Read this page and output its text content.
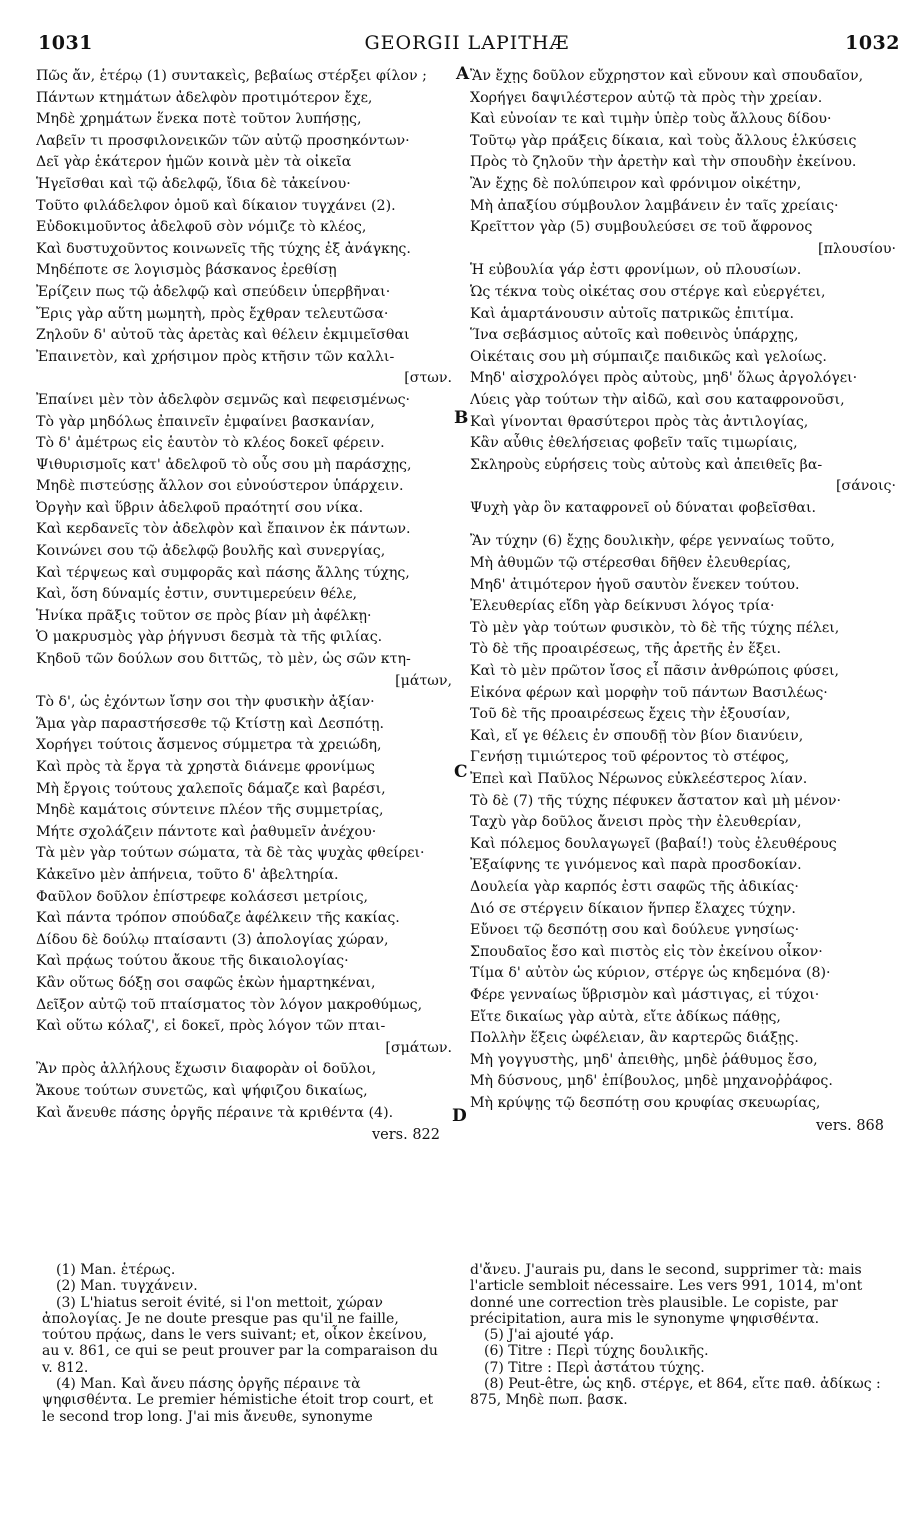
1031	GEORGII LAPITHÆ	1032
Πῶς ἄν, ἑτέρῳ (1) συντακεὶς, βεβαίως στέρξει φίλον ;
Πάντων κτημάτων ἀδελφὸν προτιμότερον ἔχε,
Μηδὲ χρημάτων ἕνεκα ποτὲ τοῦτον λυπήσῃς,
Λαβεῖν τι προσφιλονεικῶν τῶν αὐτῷ προσηκόντων·
Δεῖ γὰρ ἑκάτερον ἡμῶν κοινὰ μὲν τὰ οἰκεῖα
Ἡγεῖσθαι καὶ τῷ ἀδελφῷ, ἴδια δὲ τἀκείνου·
Τοῦτο φιλάδελφον ὁμοῦ καὶ δίκαιον τυγχάνει (2).
Εὐδοκιμοῦντος ἀδελφοῦ σὸν νόμιζε τὸ κλέος,
Καὶ δυστυχοῦντος κοινωνεῖς τῆς τύχης ἐξ ἀνάγκης.
Μηδέποτε σε λογισμὸς βάσκανος ἐρεθίσῃ
Ἐρίζειν πως τῷ ἀδελφῷ καὶ σπεύδειν ὑπερβῆναι·
Ἔρις γὰρ αὕτη μωμητὴ, πρὸς ἔχθραν τελευτῶσα·
Ζηλοῦν δ' αὐτοῦ τὰς ἀρετὰς καὶ θέλειν ἐκμιμεῖσθαι
Ἐπαινετὸν, καὶ χρήσιμον πρὸς κτῆσιν τῶν καλλι-
[στων.
Ἐπαίνει μὲν τὸν ἀδελφὸν σεμνῶς καὶ πεφεισμένως·
Τὸ γὰρ μηδόλως ἐπαινεῖν ἐμφαίνει βασκανίαν,
Τὸ δ' ἀμέτρως εἰς ἑαυτὸν τὸ κλέος δοκεῖ φέρειν.
Ψιθυρισμοῖς κατ' ἀδελφοῦ τὸ οὖς σου μὴ παράσχῃς,
Μηδὲ πιστεύσῃς ἄλλον σοι εὐνούστερον ὑπάρχειν.
Ὀργὴν καὶ ὕβριν ἀδελφοῦ πραότητί σου νίκα.
Καὶ κερδανεῖς τὸν ἀδελφὸν καὶ ἔπαινον ἐκ πάντων.
Κοινώνει σου τῷ ἀδελφῷ βουλῆς καὶ συνεργίας,
Καὶ τέρψεως καὶ συμφορᾶς καὶ πάσης ἄλλης τύχης,
Καὶ, ὅση δύναμίς ἐστιν, συντιμερεύειν θέλε,
Ἡνίκα πρᾶξις τοῦτον σε πρὸς βίαν μὴ ἀφέλκῃ·
Ὁ μακρυσμὸς γὰρ ῥήγνυσι δεσμὰ τὰ τῆς φιλίας.
Κηδοῦ τῶν δούλων σου διττῶς, τὸ μὲν, ὡς σῶν κτη-
[μάτων,
Τὸ δ', ὡς ἐχόντων ἴσην σοι τὴν φυσικὴν ἀξίαν·
Ἅμα γὰρ παραστήσεσθε τῷ Κτίστῃ καὶ Δεσπότῃ.
Χορήγει τούτοις ἄσμενος σύμμετρα τὰ χρειώδη,
Καὶ πρὸς τὰ ἔργα τὰ χρηστὰ διάνεμε φρονίμως
Μὴ ἔργοις τούτους χαλεποῖς δάμαζε καὶ βαρέσι,
Μηδὲ καμάτοις σύντεινε πλέον τῆς συμμετρίας,
Μήτε σχολάζειν πάντοτε καὶ ῥαθυμεῖν ἀνέχου·
Τὰ μὲν γὰρ τούτων σώματα, τὰ δὲ τὰς ψυχὰς φθείρει·
Κἀκεῖνο μὲν ἀπήνεια, τοῦτο δ' ἀβελτηρία.
Φαῦλον δοῦλον ἐπίστρεφε κολάσεσι μετρίοις,
Καὶ πάντα τρόπον σπούδαζε ἀφέλκειν τῆς κακίας.
Δίδου δὲ δούλῳ πταίσαντι (3) ἀπολογίας χώραν,
Καὶ πρᾴως τούτου ἄκουε τῆς δικαιολογίας·
Κἂν οὕτως δόξῃ σοι σαφῶς ἑκὼν ἡμαρτηκέναι,
Δεῖξον αὐτῷ τοῦ πταίσματος τὸν λόγον μακροθύμως,
Καὶ οὕτω κόλαζ', εἰ δοκεῖ, πρὸς λόγον τῶν πται-
[σμάτων.
Ἂν πρὸς ἀλλήλους ἔχωσιν διαφορὰν οἱ δοῦλοι,
Ἄκουε τούτων συνετῶς, καὶ ψήφιζου δικαίως,
Καὶ ἄνευθε πάσης ὀργῆς πέραινε τὰ κριθέντα (4).
vers. 822
Ἂν ἔχῃς δοῦλον εὔχρηστον καὶ εὔνουν καὶ σπουδαῖον,
Χορήγει δαψιλέστερον αὐτῷ τὰ πρὸς τὴν χρείαν.
Καὶ εὐνοίαν τε καὶ τιμὴν ὑπὲρ τοὺς ἄλλους δίδου·
Τοῦτῳ γὰρ πράξεις δίκαια, καὶ τοὺς ἄλλους ἑλκύσεις
Πρὸς τὸ ζηλοῦν τὴν ἀρετὴν καὶ τὴν σπουδὴν ἐκείνου.
Ἂν ἔχῃς δὲ πολύπειρον καὶ φρόνιμον οἰκέτην,
Μὴ ἀπαξίου σύμβουλον λαμβάνειν ἐν ταῖς χρείαις·
Κρεῖττον γὰρ (5) συμβουλεύσει σε τοῦ ἄφρονος
[πλουσίου·
Ἡ εὐβουλία γάρ ἐστι φρονίμων, οὐ πλουσίων.
Ὡς τέκνα τοὺς οἰκέτας σου στέργε καὶ εὐεργέτει,
Καὶ ἁμαρτάνουσιν αὐτοῖς πατρικῶς ἐπιτίμα.
Ἵνα σεβάσμιος αὐτοῖς καὶ ποθεινὸς ὑπάρχῃς,
Οἰκέταις σου μὴ σύμπαιζε παιδικῶς καὶ γελοίως.
Μηδ' αἰσχρολόγει πρὸς αὐτοὺς, μηδ' ὅλως ἀργολόγει·
Λύεις γὰρ τούτων τὴν αἰδῶ, καὶ σου καταφρονοῦσι,
Καὶ γίνονται θρασύτεροι πρὸς τὰς ἀντιλογίας,
Κἂν αὖθις ἐθελήσειας φοβεῖν ταῖς τιμωρίαις,
Σκληροὺς εὑρήσεις τοὺς αὐτοὺς καὶ ἀπειθεῖς βα-
[σάνοις·
Ψυχὴ γὰρ ὃν καταφρονεῖ οὐ δύναται φοβεῖσθαι.
Ἂν τύχην (6) ἔχῃς δουλικὴν, φέρε γενναίως τοῦτο,
Μὴ ἀθυμῶν τῷ στέρεσθαι δῆθεν ἐλευθερίας,
Μηδ' ἀτιμότερον ἡγοῦ σαυτὸν ἕνεκεν τούτου.
Ἐλευθερίας εἴδη γὰρ δείκνυσι λόγος τρία·
Τὸ μὲν γὰρ τούτων φυσικὸν, τὸ δὲ τῆς τύχης πέλει,
Τὸ δὲ τῆς προαιρέσεως, τῆς ἀρετῆς ἐν ἕξει.
Καὶ τὸ μὲν πρῶτον ἴσος εἶ πᾶσιν ἀνθρώποις φύσει,
Εἰκόνα φέρων καὶ μορφὴν τοῦ πάντων Βασιλέως·
Τοῦ δὲ τῆς προαιρέσεως ἔχεις τὴν ἐξουσίαν,
Καὶ, εἴ γε θέλεις ἐν σπουδῇ τὸν βίον διανύειν,
Γενήσῃ τιμιώτερος τοῦ φέροντος τὸ στέφος,
Ἐπεὶ καὶ Παῦλος Νέρωνος εὐκλεέστερος λίαν.
Τὸ δὲ (7) τῆς τύχης πέφυκεν ἄστατον καὶ μὴ μένον·
Ταχὺ γὰρ δοῦλος ἄνεισι πρὸς τὴν ἐλευθερίαν,
Καὶ πόλεμος δουλαγωγεῖ (βαβαί!) τοὺς ἐλευθέρους
Ἐξαίφνης τε γινόμενος καὶ παρὰ προσδοκίαν.
Δουλεία γὰρ καρπός ἐστι σαφῶς τῆς ἀδικίας·
Διό σε στέργειν δίκαιον ἥνπερ ἔλαχες τύχην.
Εὔνοει τῷ δεσπότῃ σου καὶ δούλευε γνησίως·
Σπουδαῖος ἔσο καὶ πιστὸς εἰς τὸν ἐκείνου οἶκον·
Τίμα δ' αὐτὸν ὡς κύριον, στέργε ὡς κηδεμόνα (8)·
Φέρε γενναίως ὕβρισμὸν καὶ μάστιγας, εἰ τύχοι·
Εἴτε δικαίως γὰρ αὐτὰ, εἴτε ἀδίκως πάθῃς,
Πολλὴν ἕξεις ὠφέλειαν, ἂν καρτερῶς διάξῃς.
Μὴ γογγυστὴς, μηδ' ἀπειθὴς, μηδὲ ῥάθυμος ἔσο,
Μὴ δύσνους, μηδ' ἐπίβουλος, μηδὲ μηχανοῤῥάφος.
Μὴ κρύψῃς τῷ δεσπότῃ σου κρυφίας σκευωρίας,
vers. 868
A
B
C
D
(1) Man. ἑτέρως.
(2) Man. τυγχάνειν.
(3) L'hiatus seroit évité, si l'on mettoit, χώραν ἀπολογίας. Je ne doute presque pas qu'il ne faille, τούτου πρᾴως, dans le vers suivant; et, οἶκον ἐκείνου, au v. 861, ce qui se peut prouver par la comparaison du v. 812.
(4) Man. Καὶ ἄνευ πάσης ὀργῆς πέραινε τὰ ψηφισθέντα. Le premier hémistiche étoit trop court, et le second trop long. J'ai mis ἄνευθε, synonyme
d'ἄνευ. J'aurais pu, dans le second, supprimer τὰ: mais l'article sembloit nécessaire. Les vers 991, 1014, m'ont donné une correction très plausible. Le copiste, par précipitation, aura mis le synonyme ψηφισθέντα.
(5) J'ai ajouté γάρ.
(6) Titre : Περὶ τύχης δουλικῆς.
(7) Titre : Περὶ ἀστάτου τύχης.
(8) Peut-être, ὡς κηδ. στέργε, et 864, εἴτε παθ. ἀδίκως : 875, Μηδὲ πωπ. βασκ.
